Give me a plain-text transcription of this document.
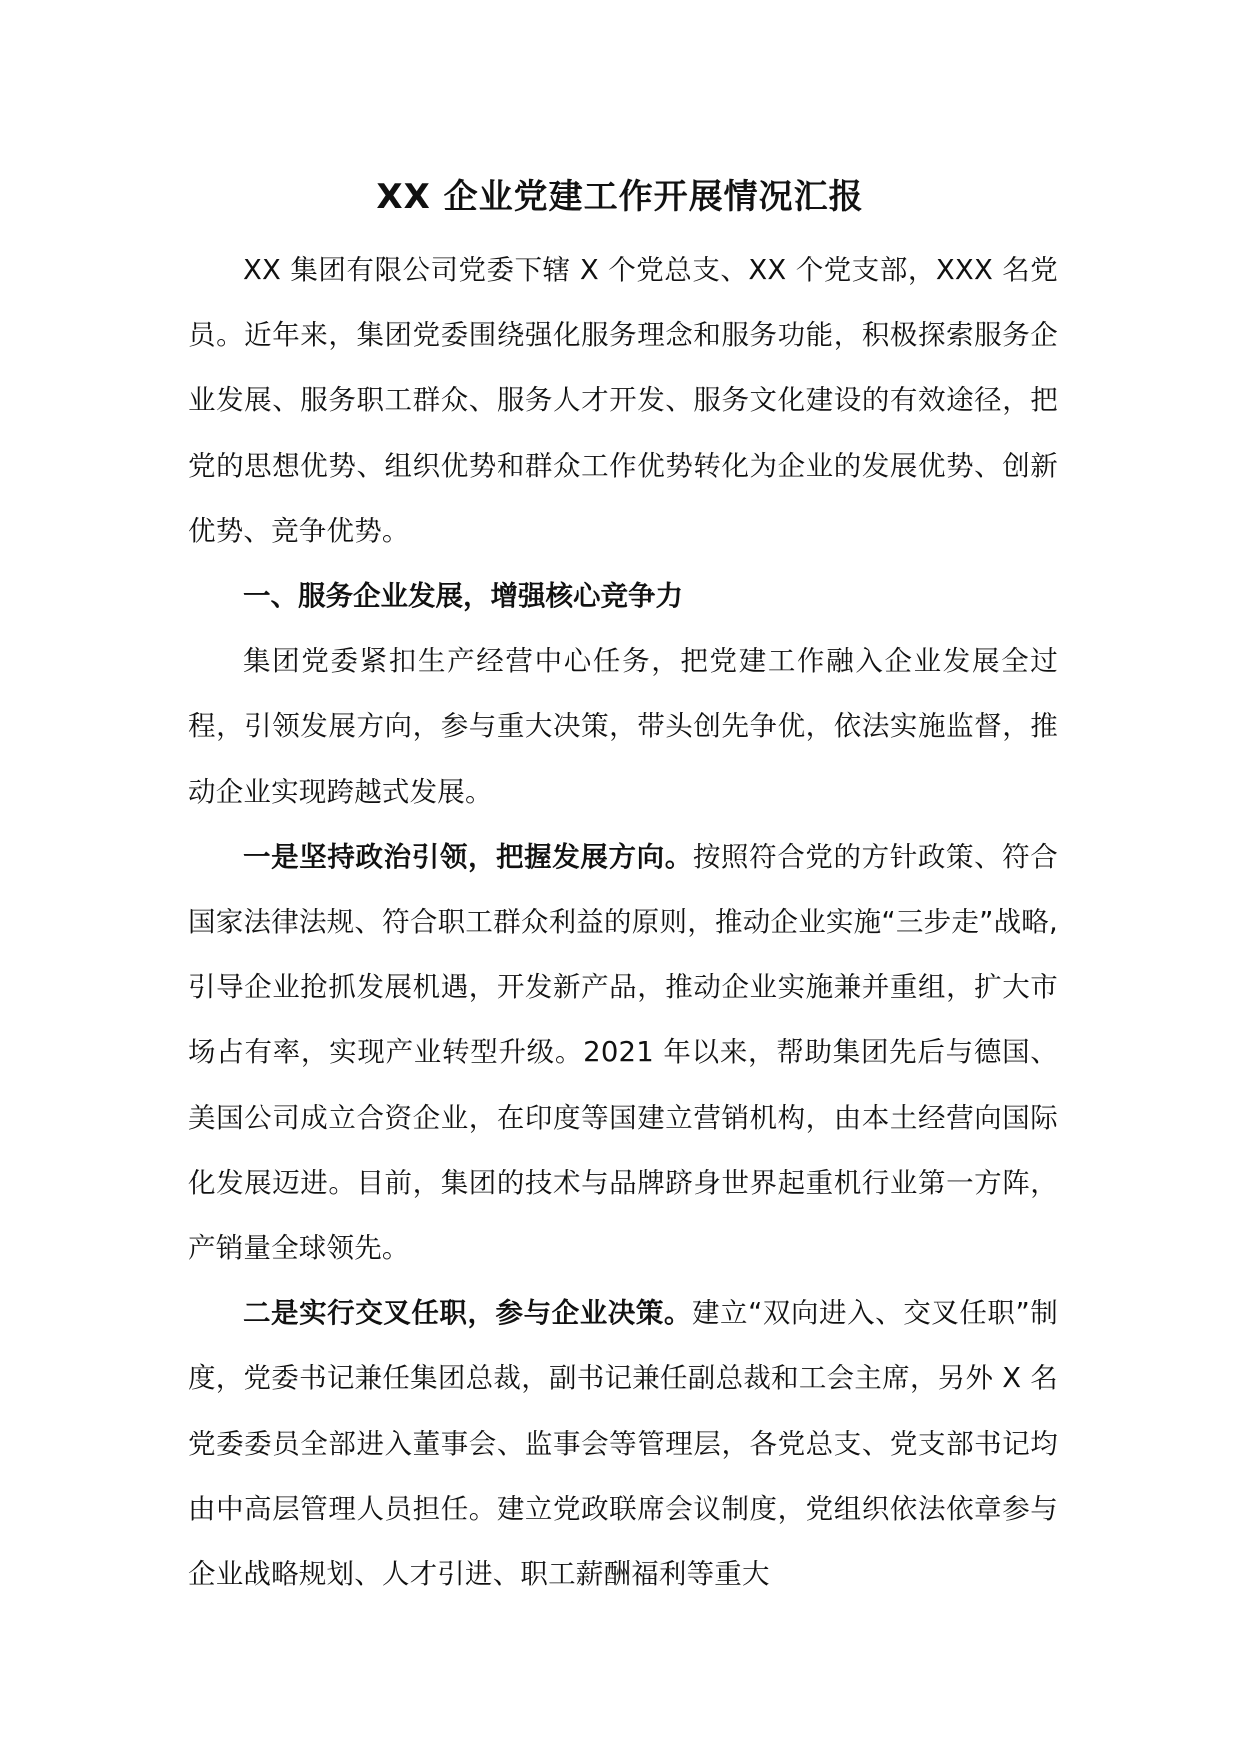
XX 企业党建工作开展情况汇报

XX 集团有限公司党委下辖 X 个党总支、XX 个党支部，XXX 名党员。近年来，集团党委围绕强化服务理念和服务功能，积极探索服务企业发展、服务职工群众、服务人才开发、服务文化建设的有效途径，把党的思想优势、组织优势和群众工作优势转化为企业的发展优势、创新优势、竞争优势。

一、服务企业发展，增强核心竞争力

集团党委紧扣生产经营中心任务，把党建工作融入企业发展全过程，引领发展方向，参与重大决策，带头创先争优，依法实施监督，推动企业实现跨越式发展。

一是坚持政治引领，把握发展方向。按照符合党的方针政策、符合国家法律法规、符合职工群众利益的原则，推动企业实施“三步走”战略,引导企业抢抓发展机遇，开发新产品，推动企业实施兼并重组，扩大市场占有率，实现产业转型升级。2021 年以来，帮助集团先后与德国、美国公司成立合资企业，在印度等国建立营销机构，由本土经营向国际化发展迈进。目前，集团的技术与品牌跻身世界起重机行业第一方阵，产销量全球领先。

二是实行交叉任职，参与企业决策。建立“双向进入、交叉任职”制度，党委书记兼任集团总裁，副书记兼任副总裁和工会主席，另外 X 名党委委员全部进入董事会、监事会等管理层，各党总支、党支部书记均由中高层管理人员担任。建立党政联席会议制度，党组织依法依章参与企业战略规划、人才引进、职工薪酬福利等重大
